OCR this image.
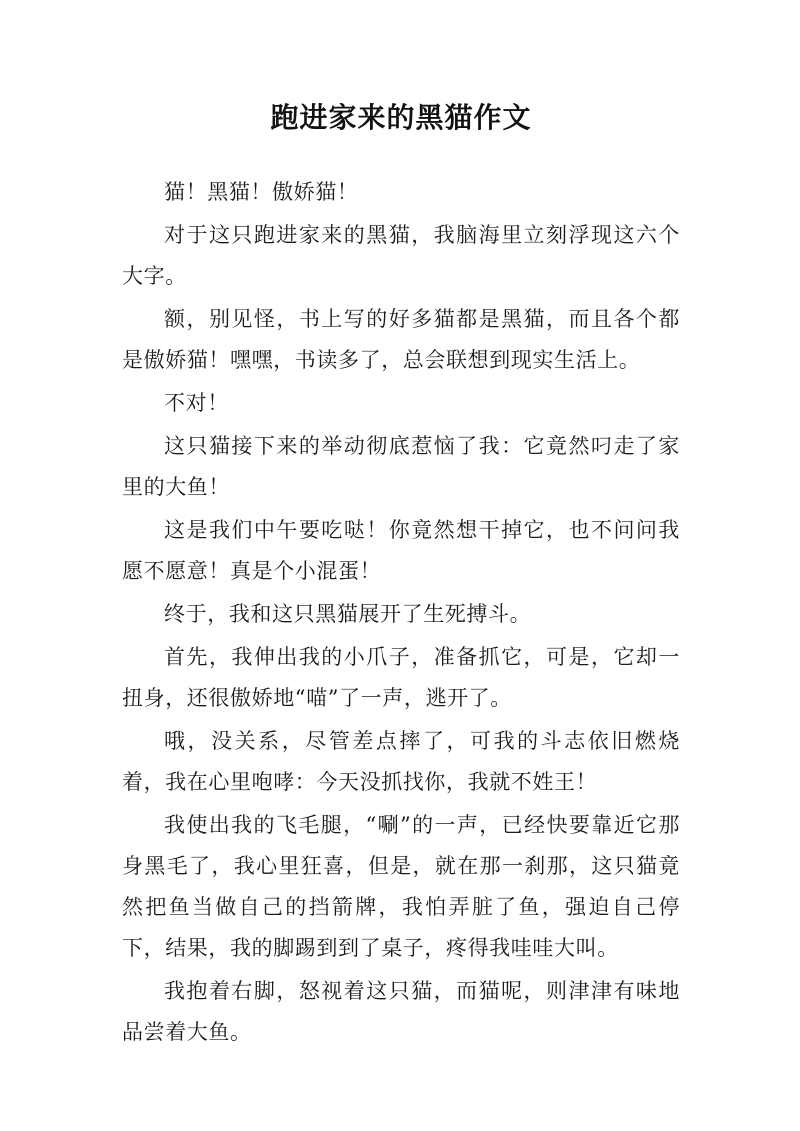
跑进家来的黑猫作文

猫！黑猫！傲娇猫！

对于这只跑进家来的黑猫，我脑海里立刻浮现这六个大字。

额，别见怪，书上写的好多猫都是黑猫，而且各个都是傲娇猫！嘿嘿，书读多了，总会联想到现实生活上。

不对！

这只猫接下来的举动彻底惹恼了我：它竟然叼走了家里的大鱼！

这是我们中午要吃哒！你竟然想干掉它，也不问问我愿不愿意！真是个小混蛋！

终于，我和这只黑猫展开了生死搏斗。

首先，我伸出我的小爪子，准备抓它，可是，它却一扭身，还很傲娇地“喵”了一声，逃开了。

哦，没关系，尽管差点摔了，可我的斗志依旧燃烧着，我在心里咆哮：今天没抓找你，我就不姓王！

我使出我的飞毛腿，“唰”的一声，已经快要靠近它那身黑毛了，我心里狂喜，但是，就在那一刹那，这只猫竟然把鱼当做自己的挡箭牌，我怕弄脏了鱼，强迫自己停下，结果，我的脚踢到到了桌子，疼得我哇哇大叫。

我抱着右脚，怒视着这只猫，而猫呢，则津津有味地品尝着大鱼。
